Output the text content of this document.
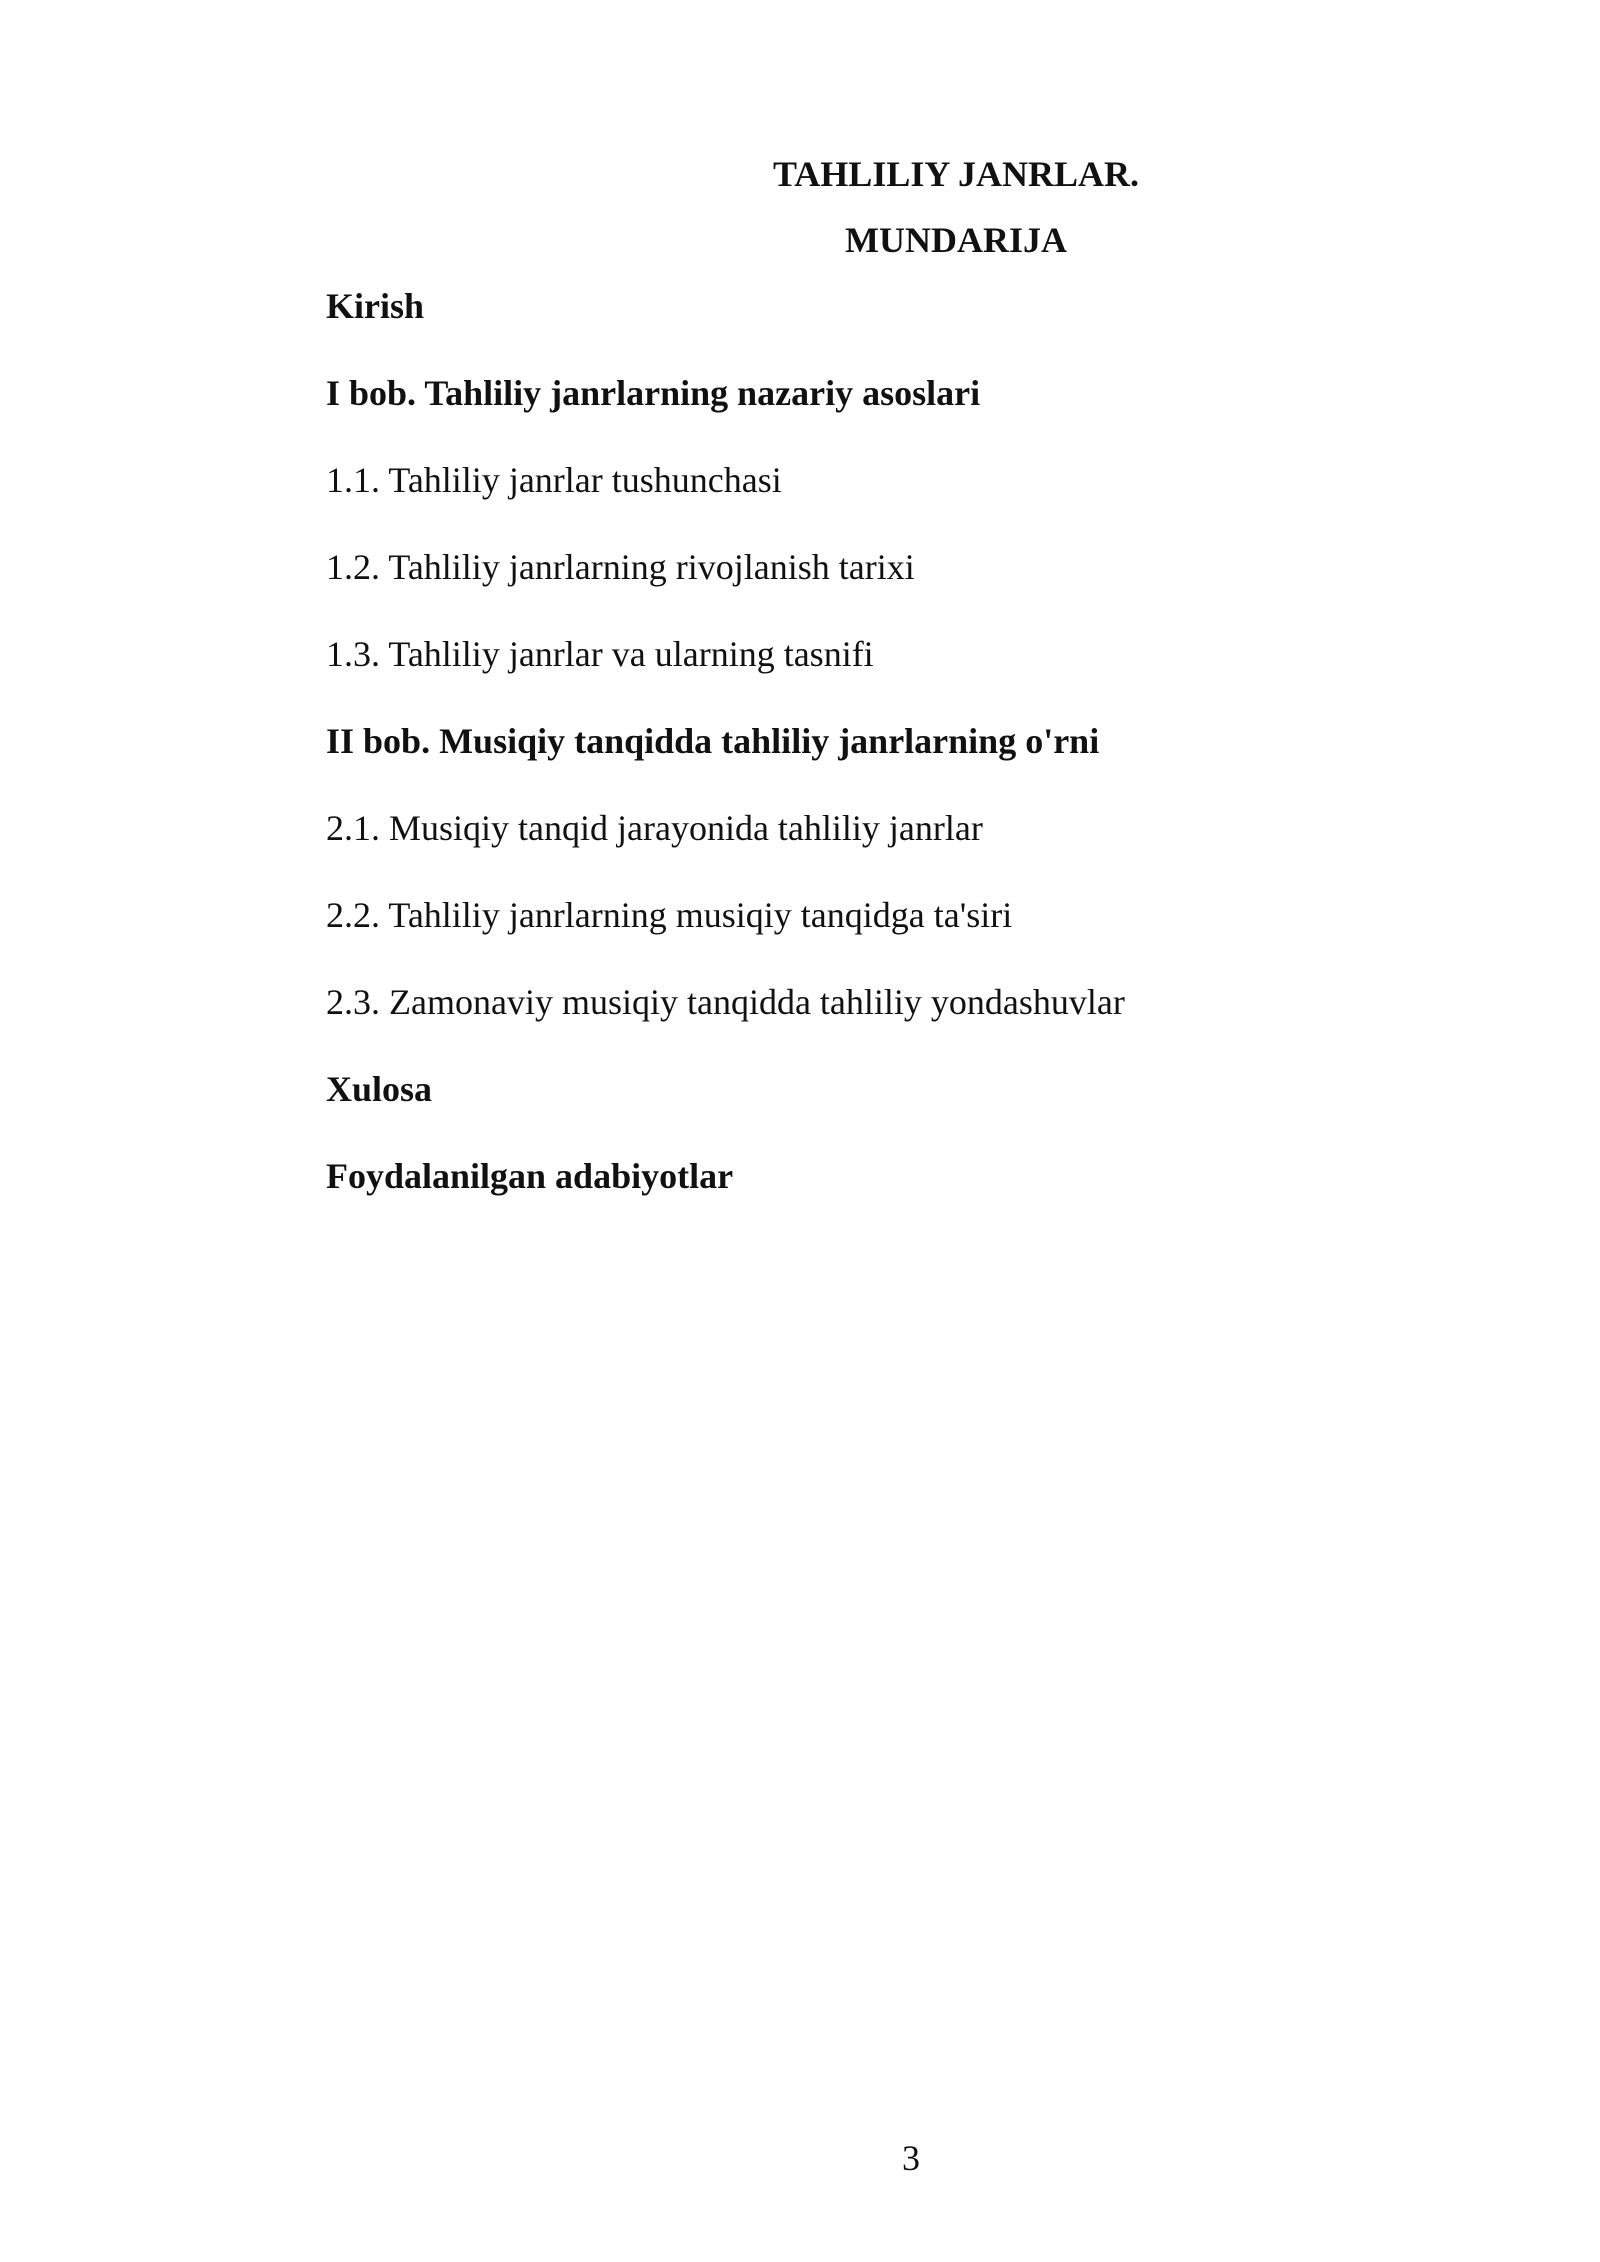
TAHLILIY JANRLAR.
MUNDARIJA
Kirish
I bob. Tahliliy janrlarning nazariy asoslari
1.1. Tahliliy janrlar tushunchasi
1.2. Tahliliy janrlarning rivojlanish tarixi
1.3. Tahliliy janrlar va ularning tasnifi
II bob. Musiqiy tanqidda tahliliy janrlarning o'rni
2.1. Musiqiy tanqid jarayonida tahliliy janrlar
2.2. Tahliliy janrlarning musiqiy tanqidga ta'siri
2.3. Zamonaviy musiqiy tanqidda tahliliy yondashuvlar
Xulosa
Foydalanilgan adabiyotlar
3
